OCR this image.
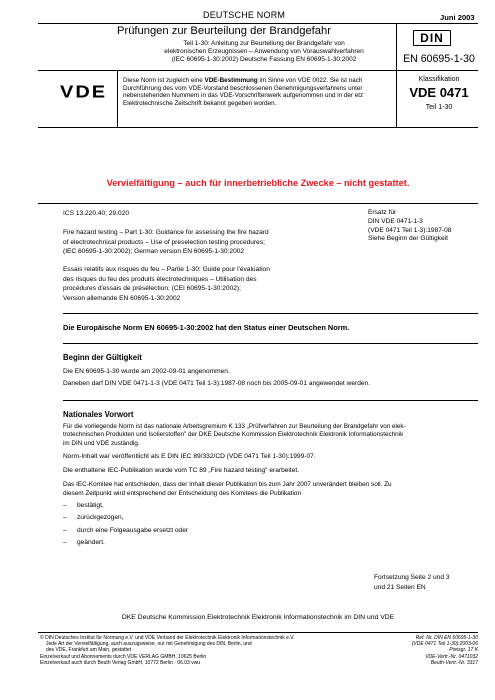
DEUTSCHE NORM	Juni 2003
Prüfungen zur Beurteilung der Brandgefahr
Teil 1-30: Anleitung zur Beurteilung der Brandgefahr von
elektronischen Erzeugnissen – Anwendung von Vorauswahlverfahren
(IEC 60695-1-30:2002) Deutsche Fassung EN 60695-1-30:2002
DIN
EN 60695-1-30
VDE
Diese Norm ist zugleich eine VDE-Bestimmung im Sinne von VDE 0022. Sie ist nach
Durchführung des vom VDE-Vorstand beschlossenen Genehmigungsverfahrens unter
nebenstehenden Nummern in das VDE-Vorschriftenwerk aufgenommen und in der etz
Elektrotechnische Zeitschrift bekannt gegeben worden.
Klassifikation
VDE 0471
Teil 1-30
Vervielfältigung – auch für innerbetriebliche Zwecke – nicht gestattet.
ICS 13.220.40; 29.020	Ersatz für
DIN VDE 0471-1-3
(VDE 0471 Teil 1-3):1987-08
Siehe Beginn der Gültigkeit
Fire hazard testing – Part 1-30: Guidance for assessing the fire hazard
of electrotechnical products – Use of preselection testing procedures;
(IEC 60695-1-30:2002); German version EN 60695-1-30:2002
Essais relatifs aux risques du feu – Partie 1-30: Guide pour l'évaluation
des risques du feu des produits électrotechniques – Utilisation des
procédures d'essais de présélection; (CEI 60695-1-30:2002);
Version allemande EN 60695-1-30:2002
Die Europäische Norm EN 60695-1-30:2002 hat den Status einer Deutschen Norm.
Beginn der Gültigkeit
Die EN 60695-1-30 wurde am 2002-09-01 angenommen.
Daneben darf DIN VDE 0471-1-3 (VDE 0471 Teil 1-3):1987-08 noch bis 2005-09-01 angewendet werden.
Nationales Vorwort
Für die vorliegende Norm ist das nationale Arbeitsgremium K 133 „Prüfverfahren zur Beurteilung der Brandgefahr von elek-
trotechnischen Produkten und Isolierstoffen" der DKE Deutsche Kommission Elektrotechnik Elektronik Informationstechnik
im DIN und VDE zuständig.
Norm-Inhalt war veröffentlicht als E DIN IEC 89/332/CD (VDE 0471 Teil 1-30):1999-07.
Die enthaltene IEC-Publikation wurde vom TC 89 „Fire hazard testing" erarbeitet.
Das IEC-Komitee hat entschieden, dass der Inhalt dieser Publikation bis zum Jahr 2007 unverändert bleiben soll. Zu
diesem Zeitpunkt wird entsprechend der Entscheidung des Komitees die Publikation
– bestätigt,
– zurückgezogen,
– durch eine Folgeausgabe ersetzt oder
– geändert.
Fortsetzung Seite 2 und 3
und 21 Seiten EN
DKE Deutsche Kommission Elektrotechnik Elektronik Informationstechnik im DIN und VDE
© DIN Deutsches Institut für Normung e.V. und VDE Verband der Elektrotechnik Elektronik Informationstechnik e.V.
Jede Art der Vervielfältigung, auch auszugsweise, nur mit Genehmigung des DIN, Berlin, und
des VDE, Frankfurt am Main, gestattet
Einzelverkauf und Abonnements durch VDE VERLAG GMBH, 10625 Berlin
Einzelverkauf auch durch Beuth Verlag GmbH, 10772 Berlin · 06.03 vwu
Ref. Nr. DIN EN 60695-1-30
(VDE 0471 Teil 1-30):2003-06
Preisgr. 17 K
VDE-Vertr.-Nr. 0471032
Beuth-Vertr.-Nr. 3317
